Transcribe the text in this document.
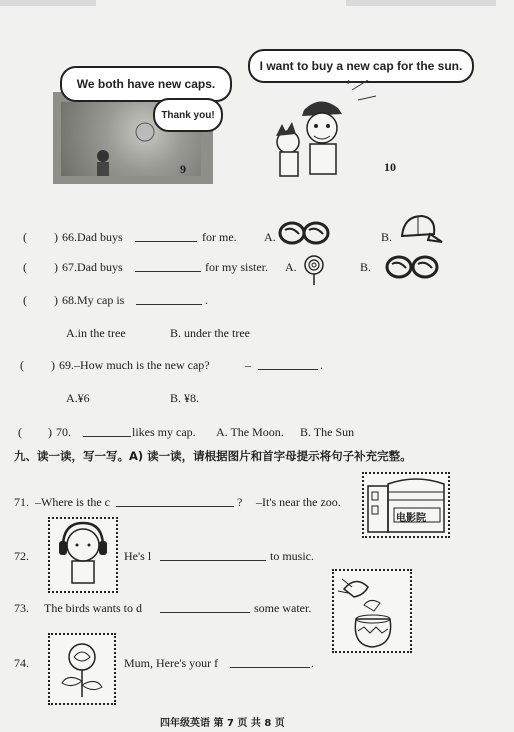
We both have new caps.
Thank you!
9
I want to buy a new cap for the sun.
10
( ) 66.Dad buys	for me. A.	B.
( ) 67.Dad buys	for my sister. A.	B.
( ) 68.My cap is	.
A.in the tree	B. under the tree
( ) 69.–How much is the new cap?	–	.
A.¥6	B. ¥8.
( ) 70.	likes my cap. A. The Moon. B. The Sun
九、读一读，写一写。A) 读一读，请根据图片和首字母提示将句子补充完整。
71. –Where is the c	? –It's near the zoo.
电影院
72.	He's l	to music.
73. The birds wants to d	some water.
74.	Mum, Here's your f	.
四年级英语 第 7 页 共 8 页
